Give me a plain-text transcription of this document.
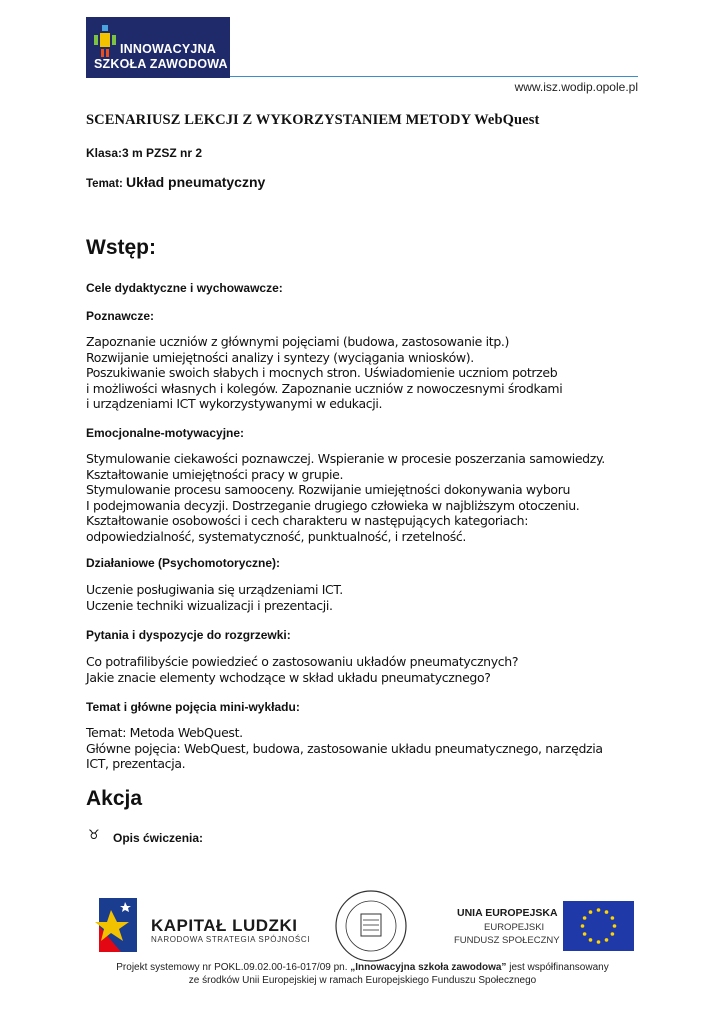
INNOWACYJNA
SZKOŁA ZAWODOWA
www.isz.wodip.opole.pl
SCENARIUSZ LEKCJI Z WYKORZYSTANIEM METODY WebQuest
Klasa:3 m PZSZ nr 2
Temat: Układ pneumatyczny
Wstęp:
Cele dydaktyczne i wychowawcze:
Poznawcze:
Zapoznanie uczniów z głównymi pojęciami (budowa, zastosowanie itp.)
Rozwijanie umiejętności analizy i syntezy (wyciągania wniosków).
Poszukiwanie swoich słabych i mocnych stron. Uświadomienie uczniom potrzeb
i możliwości własnych i kolegów. Zapoznanie uczniów z nowoczesnymi środkami
i urządzeniami ICT wykorzystywanymi w edukacji.
Emocjonalne-motywacyjne:
Stymulowanie ciekawości poznawczej. Wspieranie w procesie poszerzania samowiedzy.
Kształtowanie umiejętności pracy w grupie.
Stymulowanie procesu samooceny. Rozwijanie umiejętności dokonywania wyboru
I podejmowania decyzji. Dostrzeganie drugiego człowieka w najbliższym otoczeniu.
Kształtowanie osobowości i cech charakteru w następujących kategoriach:
odpowiedzialność, systematyczność, punktualność, i rzetelność.
Działaniowe (Psychomotoryczne):
Uczenie posługiwania się urządzeniami ICT.
Uczenie techniki wizualizacji i prezentacji.
Pytania i dyspozycje do rozgrzewki:
Co potrafilibyście powiedzieć o zastosowaniu układów pneumatycznych?
Jakie znacie elementy wchodzące w skład układu pneumatycznego?
Temat i główne pojęcia mini-wykładu:
Temat: Metoda WebQuest.
Główne pojęcia: WebQuest, budowa, zastosowanie układu pneumatycznego, narzędzia
ICT, prezentacja.
Akcja
♉ Opis ćwiczenia:
KAPITAŁ LUDZKI
NARODOWA STRATEGIA SPÓJNOŚCI
UNIA EUROPEJSKA
EUROPEJSKI
FUNDUSZ SPOŁECZNY
Projekt systemowy nr POKL.09.02.00-16-017/09 pn. „Innowacyjna szkoła zawodowa” jest współfinansowany
ze środków Unii Europejskiej w ramach Europejskiego Funduszu Społecznego
